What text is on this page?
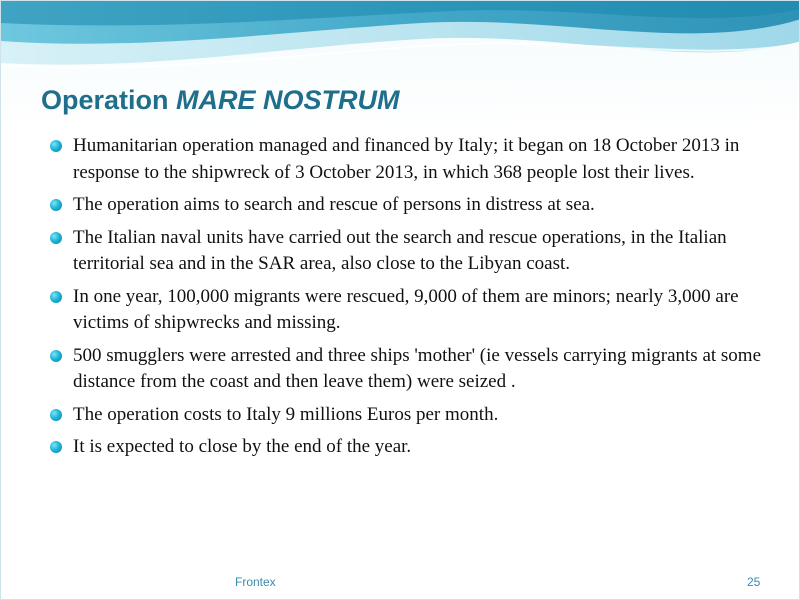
Operation MARE NOSTRUM
Humanitarian operation managed and financed by Italy; it began on 18 October 2013 in response to the shipwreck of 3 October 2013, in which 368 people lost their lives.
The operation aims to search and rescue of persons in distress at sea.
The Italian naval units have carried out the search and rescue operations, in the Italian territorial sea and in the SAR area, also close to the Libyan coast.
In one year, 100,000 migrants were rescued, 9,000 of them are minors; nearly 3,000 are victims of shipwrecks and missing.
500 smugglers were arrested and three ships 'mother' (ie vessels carrying migrants at some distance from the coast and then leave them) were seized .
The operation costs to Italy 9 millions Euros per month.
It is expected to close by the end of the year.
Frontex	25
